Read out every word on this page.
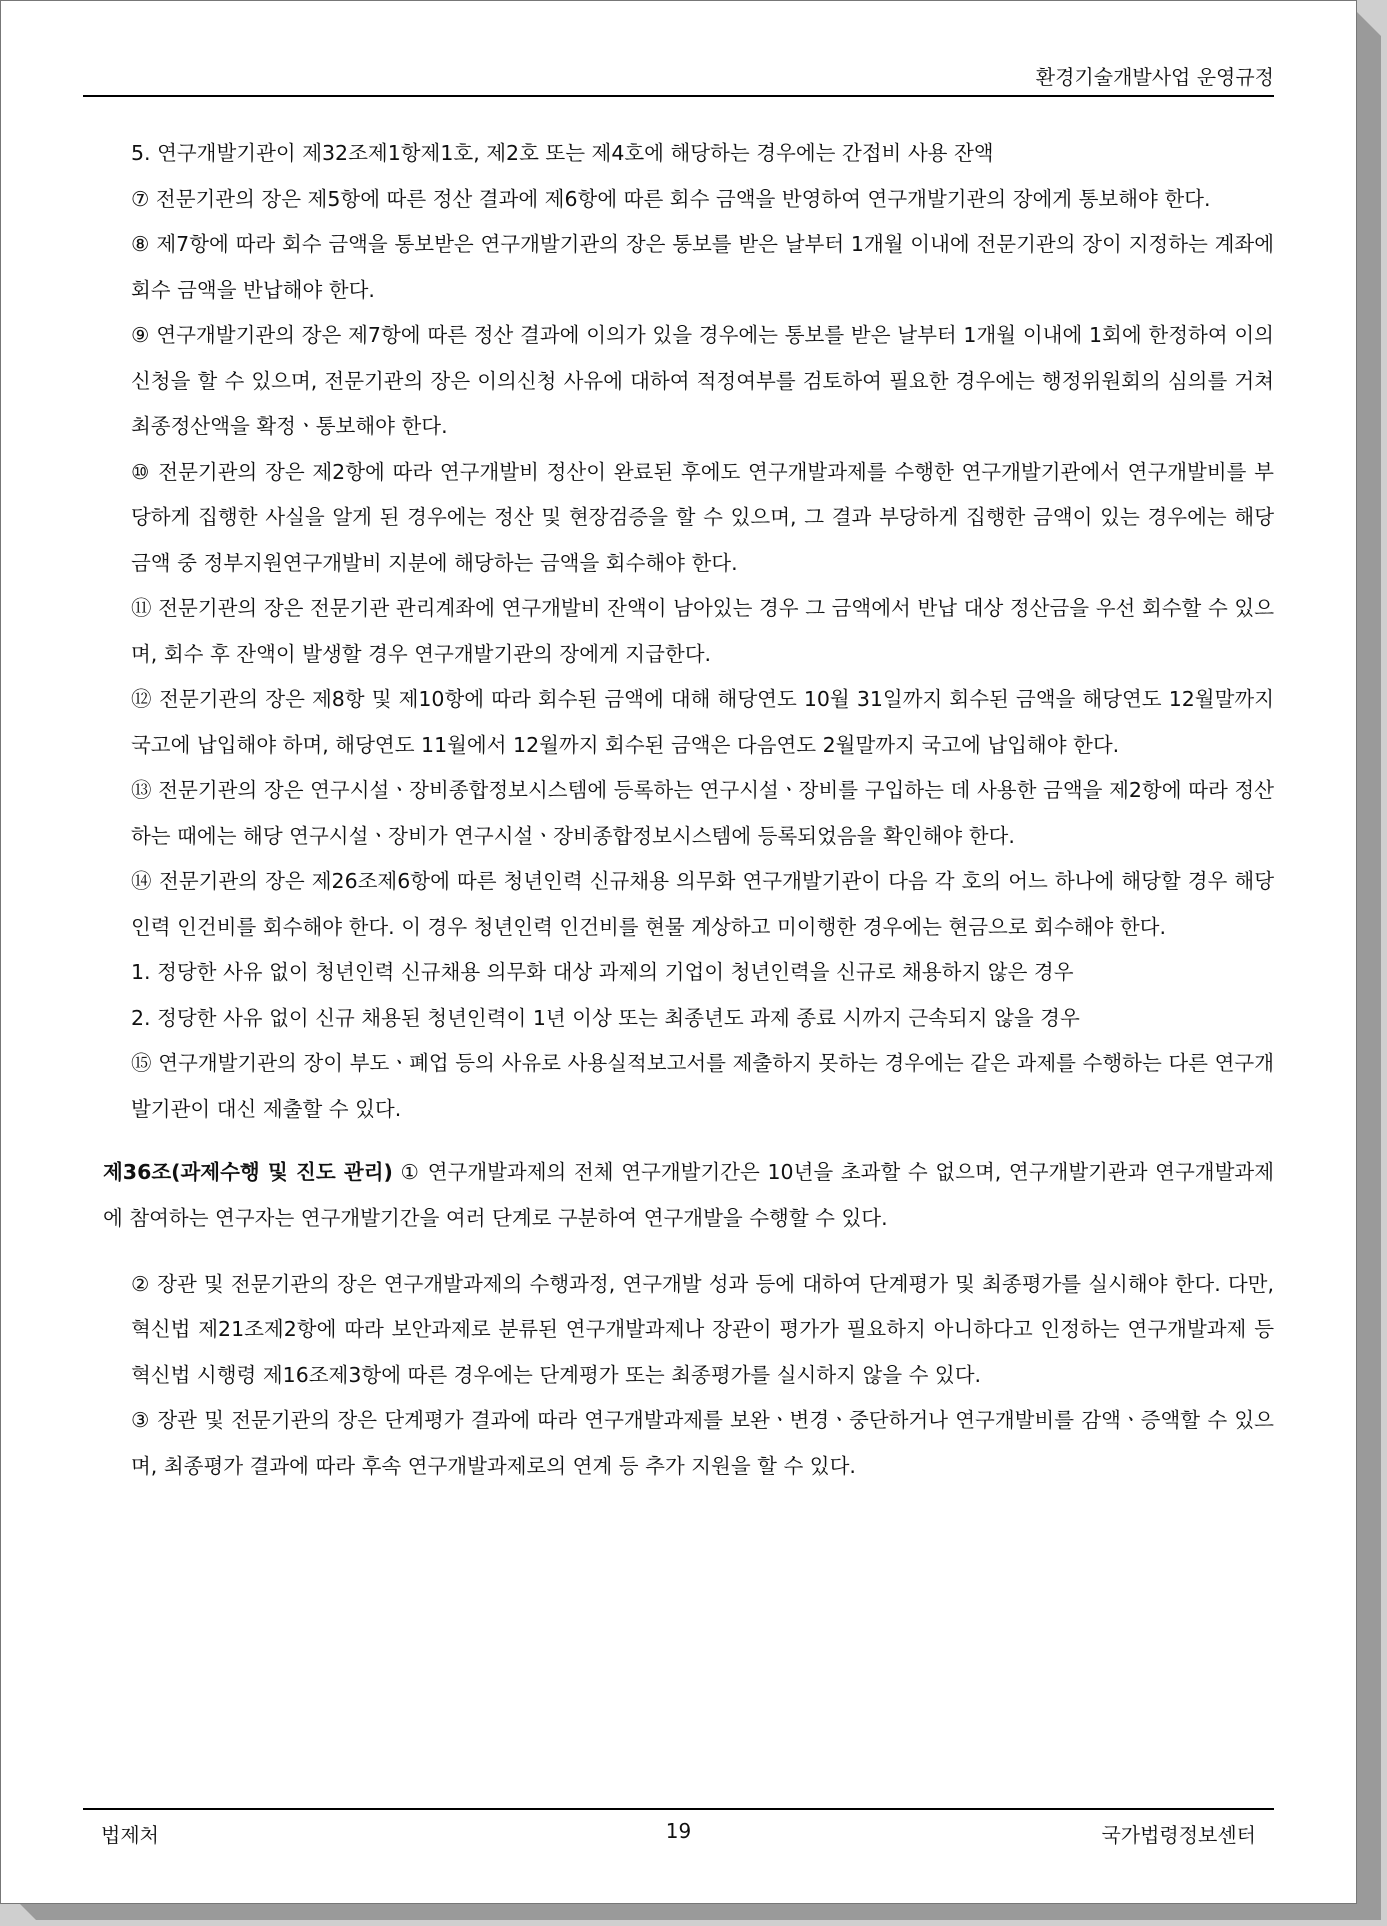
환경기술개발사업 운영규정

5. 연구개발기관이 제32조제1항제1호, 제2호 또는 제4호에 해당하는 경우에는 간접비 사용 잔액

⑦ 전문기관의 장은 제5항에 따른 정산 결과에 제6항에 따른 회수 금액을 반영하여 연구개발기관의 장에게 통보해야 한다.

⑧ 제7항에 따라 회수 금액을 통보받은 연구개발기관의 장은 통보를 받은 날부터 1개월 이내에 전문기관의 장이 지정하는 계좌에 회수 금액을 반납해야 한다.

⑨ 연구개발기관의 장은 제7항에 따른 정산 결과에 이의가 있을 경우에는 통보를 받은 날부터 1개월 이내에 1회에 한정하여 이의신청을 할 수 있으며, 전문기관의 장은 이의신청 사유에 대하여 적정여부를 검토하여 필요한 경우에는 행정위원회의 심의를 거쳐 최종정산액을 확정ㆍ통보해야 한다.

⑩ 전문기관의 장은 제2항에 따라 연구개발비 정산이 완료된 후에도 연구개발과제를 수행한 연구개발기관에서 연구개발비를 부당하게 집행한 사실을 알게 된 경우에는 정산 및 현장검증을 할 수 있으며, 그 결과 부당하게 집행한 금액이 있는 경우에는 해당 금액 중 정부지원연구개발비 지분에 해당하는 금액을 회수해야 한다.

⑪ 전문기관의 장은 전문기관 관리계좌에 연구개발비 잔액이 남아있는 경우 그 금액에서 반납 대상 정산금을 우선 회수할 수 있으며, 회수 후 잔액이 발생할 경우 연구개발기관의 장에게 지급한다.

⑫ 전문기관의 장은 제8항 및 제10항에 따라 회수된 금액에 대해 해당연도 10월 31일까지 회수된 금액을 해당연도 12월말까지 국고에 납입해야 하며, 해당연도 11월에서 12월까지 회수된 금액은 다음연도 2월말까지 국고에 납입해야 한다.

⑬ 전문기관의 장은 연구시설ㆍ장비종합정보시스템에 등록하는 연구시설ㆍ장비를 구입하는 데 사용한 금액을 제2항에 따라 정산하는 때에는 해당 연구시설ㆍ장비가 연구시설ㆍ장비종합정보시스템에 등록되었음을 확인해야 한다.

⑭ 전문기관의 장은 제26조제6항에 따른 청년인력 신규채용 의무화 연구개발기관이 다음 각 호의 어느 하나에 해당할 경우 해당인력 인건비를 회수해야 한다. 이 경우 청년인력 인건비를 현물 계상하고 미이행한 경우에는 현금으로 회수해야 한다.

1. 정당한 사유 없이 청년인력 신규채용 의무화 대상 과제의 기업이 청년인력을 신규로 채용하지 않은 경우

2. 정당한 사유 없이 신규 채용된 청년인력이 1년 이상 또는 최종년도 과제 종료 시까지 근속되지 않을 경우

⑮ 연구개발기관의 장이 부도ㆍ폐업 등의 사유로 사용실적보고서를 제출하지 못하는 경우에는 같은 과제를 수행하는 다른 연구개발기관이 대신 제출할 수 있다.

제36조(과제수행 및 진도 관리) ① 연구개발과제의 전체 연구개발기간은 10년을 초과할 수 없으며, 연구개발기관과 연구개발과제에 참여하는 연구자는 연구개발기간을 여러 단계로 구분하여 연구개발을 수행할 수 있다.

② 장관 및 전문기관의 장은 연구개발과제의 수행과정, 연구개발 성과 등에 대하여 단계평가 및 최종평가를 실시해야 한다. 다만, 혁신법 제21조제2항에 따라 보안과제로 분류된 연구개발과제나 장관이 평가가 필요하지 아니하다고 인정하는 연구개발과제 등 혁신법 시행령 제16조제3항에 따른 경우에는 단계평가 또는 최종평가를 실시하지 않을 수 있다.

③ 장관 및 전문기관의 장은 단계평가 결과에 따라 연구개발과제를 보완ㆍ변경ㆍ중단하거나 연구개발비를 감액ㆍ증액할 수 있으며, 최종평가 결과에 따라 후속 연구개발과제로의 연계 등 추가 지원을 할 수 있다.

법제처	19	국가법령정보센터
